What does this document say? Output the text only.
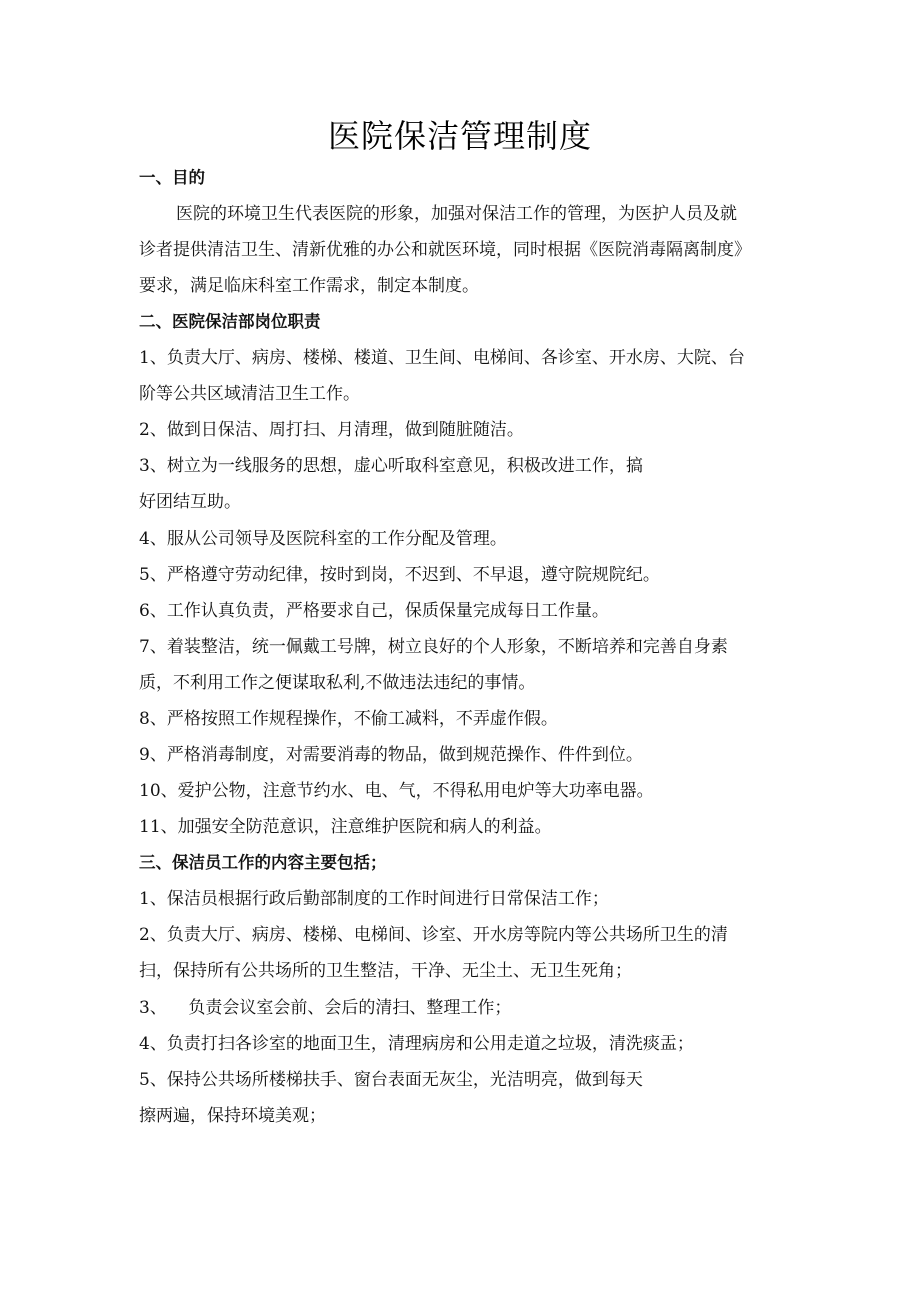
医院保洁管理制度
一、目的
医院的环境卫生代表医院的形象，加强对保洁工作的管理，为医护人员及就
诊者提供清洁卫生、清新优雅的办公和就医环境，同时根据《医院消毒隔离制度》
要求，满足临床科室工作需求，制定本制度。
二、医院保洁部岗位职责
1、负责大厅、病房、楼梯、楼道、卫生间、电梯间、各诊室、开水房、大院、台
阶等公共区域清洁卫生工作。
2、做到日保洁、周打扫、月清理，做到随脏随洁。
3、树立为一线服务的思想，虚心听取科室意见，积极改进工作，搞
好团结互助。
4、服从公司领导及医院科室的工作分配及管理。
5、严格遵守劳动纪律，按时到岗，不迟到、不早退，遵守院规院纪。
6、工作认真负责，严格要求自己，保质保量完成每日工作量。
7、着装整洁，统一佩戴工号牌，树立良好的个人形象，不断培养和完善自身素
质，不利用工作之便谋取私利,不做违法违纪的事情。
8、严格按照工作规程操作，不偷工减料，不弄虚作假。
9、严格消毒制度，对需要消毒的物品，做到规范操作、件件到位。
10、爱护公物，注意节约水、电、气，不得私用电炉等大功率电器。
11、加强安全防范意识，注意维护医院和病人的利益。
三、保洁员工作的内容主要包括；
1、保洁员根据行政后勤部制度的工作时间进行日常保洁工作；
2、负责大厅、病房、楼梯、电梯间、诊室、开水房等院内等公共场所卫生的清
扫，保持所有公共场所的卫生整洁，干净、无尘土、无卫生死角；
3、    负责会议室会前、会后的清扫、整理工作；
4、负责打扫各诊室的地面卫生，清理病房和公用走道之垃圾，清洗痰盂；
5、保持公共场所楼梯扶手、窗台表面无灰尘，光洁明亮，做到每天
擦两遍，保持环境美观；
